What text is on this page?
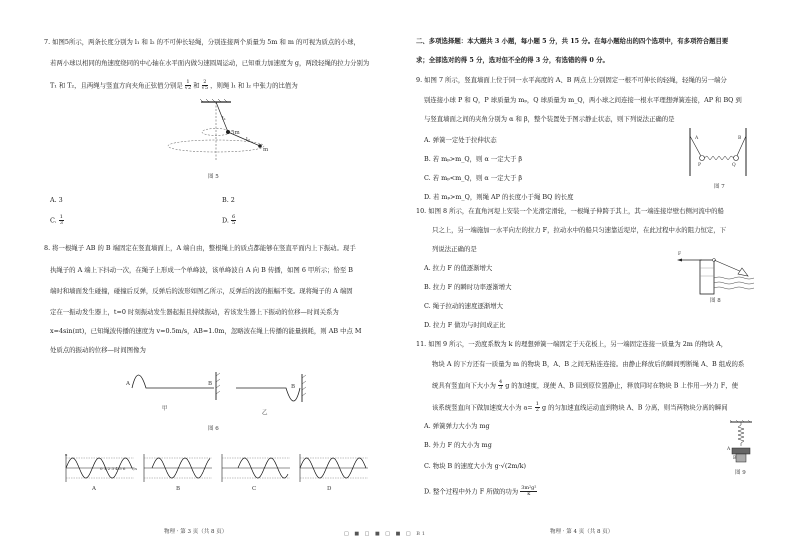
7. 如图5所示，两条长度分别为 l₁ 和 l₂ 的不可伸长轻绳，分别连接两个质量为 5m 和 m 的可视为质点的小球，
若两小球以相同的角速度绕同的中心轴在水平面内做匀速圆周运动，已知重力加速度为 g，两段轻绳的拉力分别为
T₁ 和 T₂，且两绳与竖直方向夹角正弦值分别是 $\frac{1}{√2}$ 和 $\frac{2}{√5}$ ，则绳 l₁ 和 l₂ 中张力的比值为
l₁
5m
l₂
m
图 5
A. 3	B. 2
C. $\frac{1}{3}$	D. $\frac{6}{5}$
8. 将一根绳子 AB 的 B 端固定在竖直墙面上，A 端自由，整根绳上的质点都能够在竖直平面内上下振动。现手
执绳子的 A 端上下抖动一次，在绳子上形成一个单峰波，该单峰波自 A 向 B 传播，如图 6 甲所示；恰至 B
端时和墙面发生碰撞，碰撞后反弹，反弹后的波形如图乙所示，反弹后的波的振幅不变。现将绳子的 A 端固
定在一振动发生器上，t=0 时刻振动发生器起振且持续振动，若该发生器上下振动的位移—时间关系为
x=4sin(πt)，已知绳波传播的速度为 v=0.5m/s，AB=1.0m，忽略波在绳上传播的能量损耗，则 AB 中点 M
处质点的振动的位移—时间图像为
A	B
甲
B
乙
图 6
A	B	C	D
0 1 2 3 4 5 6 t/s
x
物理 · 第 3 页（共 8 页）	□ ■ □ ■ □ ■ □ B1
二、多项选择题：本大题共 3 小题，每小题 5 分，共 15 分。在每小题给出的四个选项中，有多项符合题目要
求；全部选对的得 5 分，选对但不全的得 3 分，有选错的得 0 分。
9. 如图 7 所示，竖直墙面上位于同一水平高度的 A、B 两点上分别固定一根不可伸长的轻绳，轻绳的另一端分
别连接小球 P 和 Q，P 球质量为 mₚ，Q 球质量为 m_Q，两小球之间连接一根水平理想弹簧连接，AP 和 BQ 到
与竖直墙面之间的夹角分别为 α 和 β，整个装置处于图示静止状态，则下列说法正确的是
A. 弹簧一定处于拉伸状态
B. 若 mₚ>m_Q，则 α 一定大于 β
C. 若 mₚ<m_Q，则 α 一定大于 β
D. 若 mₚ>m_Q，则绳 AP 的长度小于绳 BQ 的长度
A	B
P	Q
图 7
10. 如图 8 所示，在直角河堤上安装一个光滑定滑轮，一根绳子伸跨于其上，其一端连接岸壁右侧河流中的船
只之上，另一端施加一水平向左的拉力 F，拉动水中的船只匀速靠近堤岸，在此过程中水的阻力恒定，下
列说法正确的是
A. 拉力 F 的值逐渐增大
B. 拉力 F 的瞬时功率逐渐增大
C. 绳子拉动的速度逐渐增大
D. 拉力 F 做功与时间成正比
F
图 8
11. 如图 9 所示，一劲度系数为 k 的理想弹簧一端固定于天花板上，另一端固定连接一质量为 2m 的物块 A，
物块 A 的下方还有一质量为 m 的物块 B，A、B 之间无粘连连接。由静止释放后的瞬间剪断绳 A、B 组成的系
统具有竖直向下大小为 $\frac{4}{3}$ g 的加速度，现使 A、B 回到原位置静止，释放同时在物块 B 上作用一外力 F，使
该系统竖直向下做加速度大小为 $a= \frac{1}{2}$ g 的匀加速直线运动直到物块 A、B 分离，则当两物块分离的瞬间
A. 弹簧弹力大小为 mg
B. 外力 F 的大小为 mg
C. 物块 B 的速度大小为 g·√(2m/k)
D. 整个过程中外力 F 所做的功为 $\frac{\text{3m²g²}}{k}$
A
B
图 9
物理 · 第 4 页（共 8 页）
